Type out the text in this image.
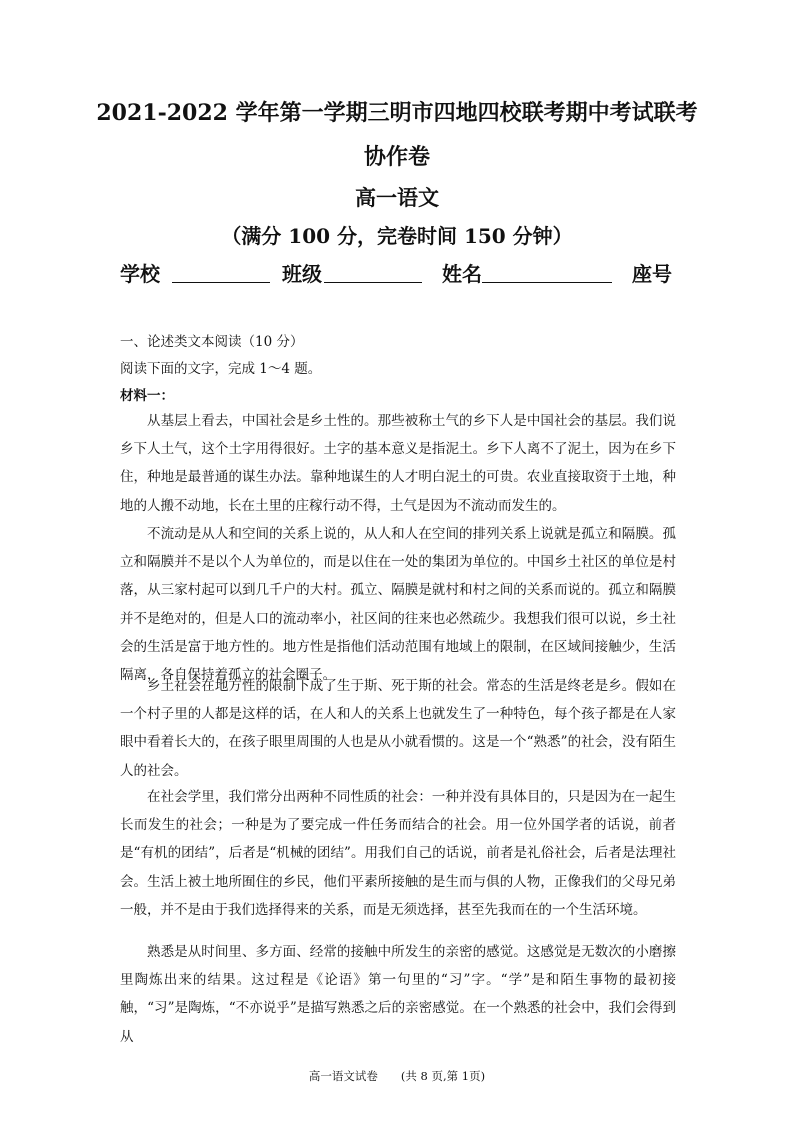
2021-2022 学年第一学期三明市四地四校联考期中考试联考
协作卷
高一语文
（满分 100 分，完卷时间 150 分钟）
学校	班级	姓名	座号
一、论述类文本阅读（10 分）
阅读下面的文字，完成 1～4 题。
材料一：
从基层上看去，中国社会是乡土性的。那些被称土气的乡下人是中国社会的基层。我们说乡下人土气，这个土字用得很好。土字的基本意义是指泥土。乡下人离不了泥土，因为在乡下住，种地是最普通的谋生办法。靠种地谋生的人才明白泥土的可贵。农业直接取资于土地，种地的人搬不动地，长在土里的庄稼行动不得，土气是因为不流动而发生的。
不流动是从人和空间的关系上说的，从人和人在空间的排列关系上说就是孤立和隔膜。孤立和隔膜并不是以个人为单位的，而是以住在一处的集团为单位的。中国乡土社区的单位是村落，从三家村起可以到几千户的大村。孤立、隔膜是就村和村之间的关系而说的。孤立和隔膜并不是绝对的，但是人口的流动率小，社区间的往来也必然疏少。我想我们很可以说，乡土社会的生活是富于地方性的。地方性是指他们活动范围有地域上的限制，在区域间接触少，生活隔离，各自保持着孤立的社会圈子。
乡土社会在地方性的限制下成了生于斯、死于斯的社会。常态的生活是终老是乡。假如在一个村子里的人都是这样的话，在人和人的关系上也就发生了一种特色，每个孩子都是在人家眼中看着长大的，在孩子眼里周围的人也是从小就看惯的。这是一个“熟悉”的社会，没有陌生人的社会。
在社会学里，我们常分出两种不同性质的社会：一种并没有具体目的，只是因为在一起生长而发生的社会；一种是为了要完成一件任务而结合的社会。用一位外国学者的话说，前者是“有机的团结”，后者是“机械的团结”。用我们自己的话说，前者是礼俗社会，后者是法理社会。生活上被土地所囿住的乡民，他们平素所接触的是生而与俱的人物，正像我们的父母兄弟一般，并不是由于我们选择得来的关系，而是无须选择，甚至先我而在的一个生活环境。
熟悉是从时间里、多方面、经常的接触中所发生的亲密的感觉。这感觉是无数次的小磨擦里陶炼出来的结果。这过程是《论语》第一句里的“习”字。“学”是和陌生事物的最初接触，“习”是陶炼，“不亦说乎”是描写熟悉之后的亲密感觉。在一个熟悉的社会中，我们会得到从
高一语文试卷　　(共 8 页,第 1页)
